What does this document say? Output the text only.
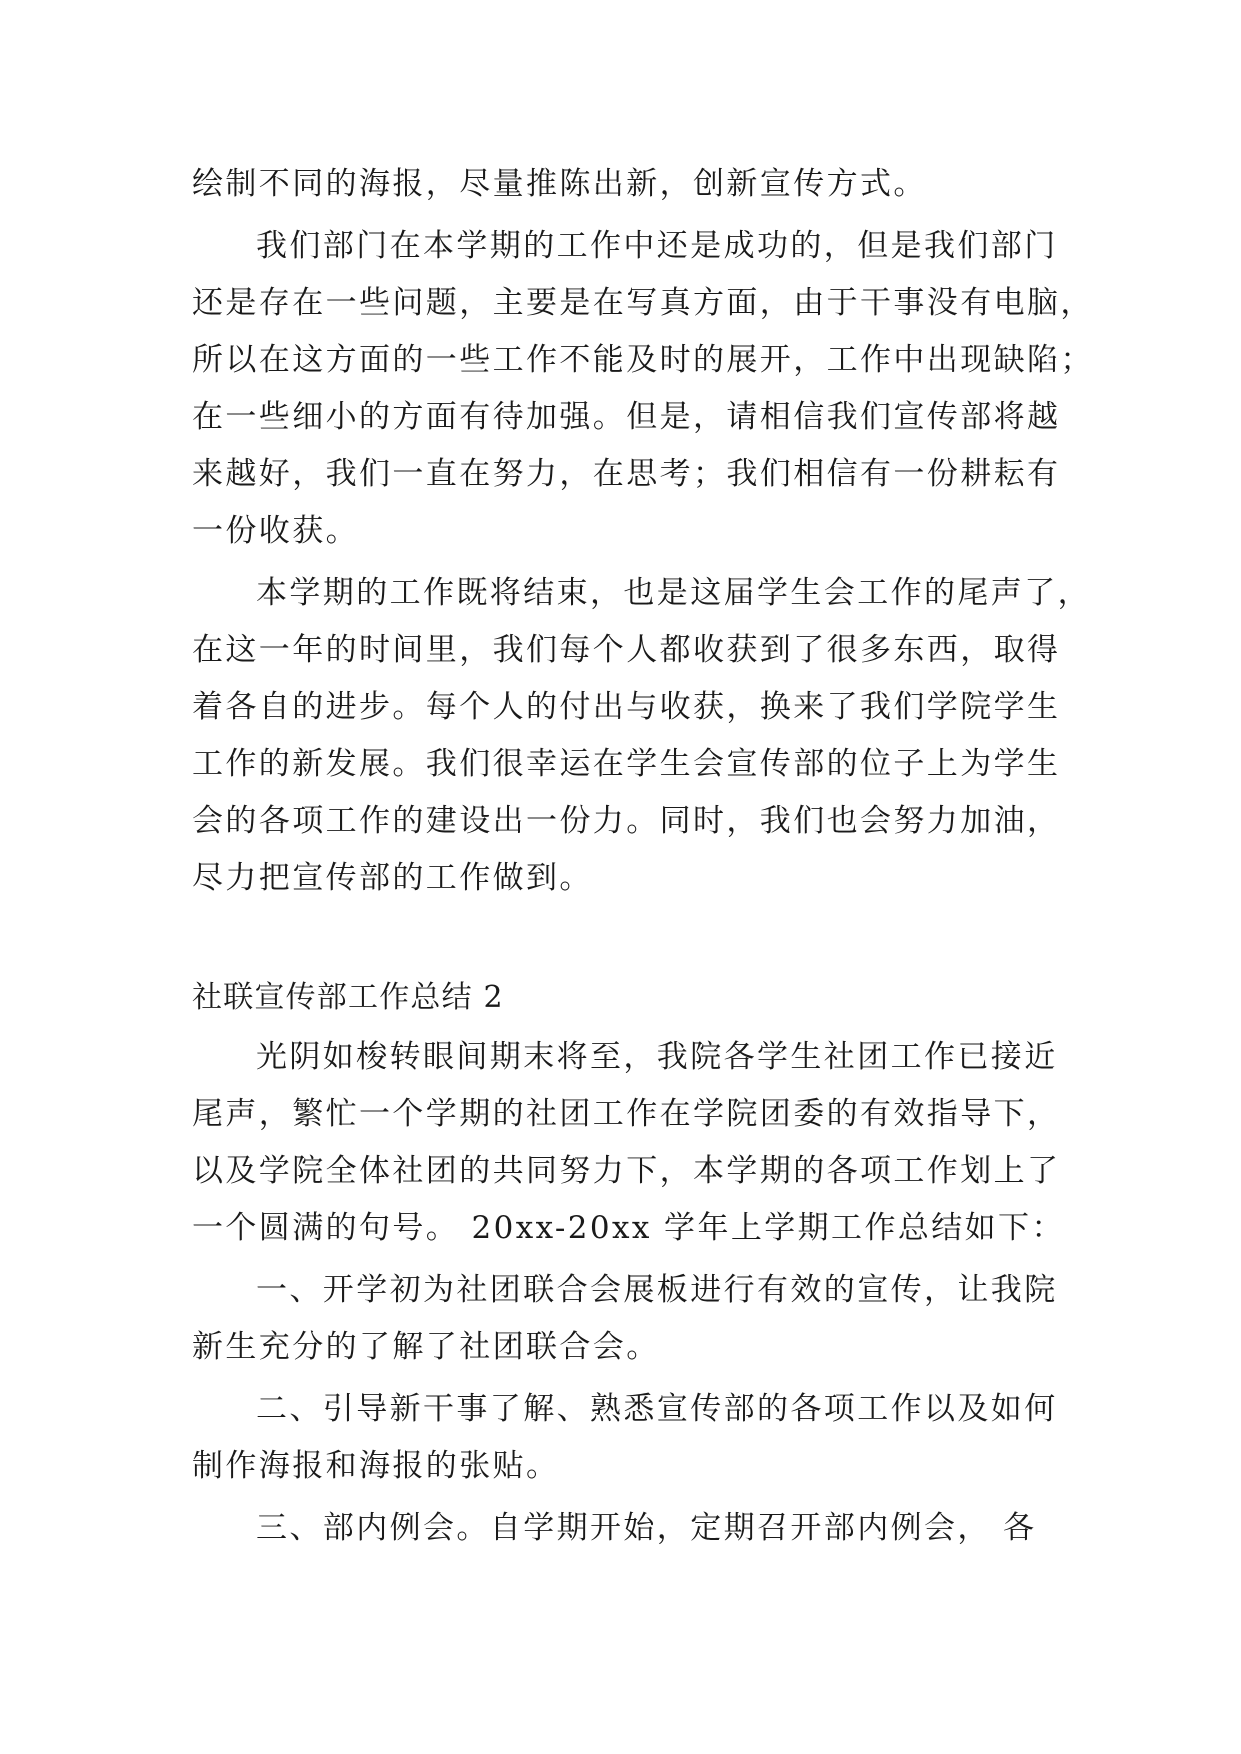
绘制不同的海报，尽量推陈出新，创新宣传方式。
我们部门在本学期的工作中还是成功的，但是我们部门
还是存在一些问题，主要是在写真方面，由于干事没有电脑，
所以在这方面的一些工作不能及时的展开，工作中出现缺陷；
在一些细小的方面有待加强。但是，请相信我们宣传部将越
来越好，我们一直在努力，在思考；我们相信有一份耕耘有
一份收获。
本学期的工作既将结束，也是这届学生会工作的尾声了，
在这一年的时间里，我们每个人都收获到了很多东西，取得
着各自的进步。每个人的付出与收获，换来了我们学院学生
工作的新发展。我们很幸运在学生会宣传部的位子上为学生
会的各项工作的建设出一份力。同时，我们也会努力加油，
尽力把宣传部的工作做到。
社联宣传部工作总结 2
光阴如梭转眼间期末将至，我院各学生社团工作已接近
尾声，繁忙一个学期的社团工作在学院团委的有效指导下，
以及学院全体社团的共同努力下，本学期的各项工作划上了
一个圆满的句号。 20xx-20xx 学年上学期工作总结如下：
一、开学初为社团联合会展板进行有效的宣传，让我院
新生充分的了解了社团联合会。
二、引导新干事了解、熟悉宣传部的各项工作以及如何
制作海报和海报的张贴。
三、部内例会。自学期开始，定期召开部内例会， 各
